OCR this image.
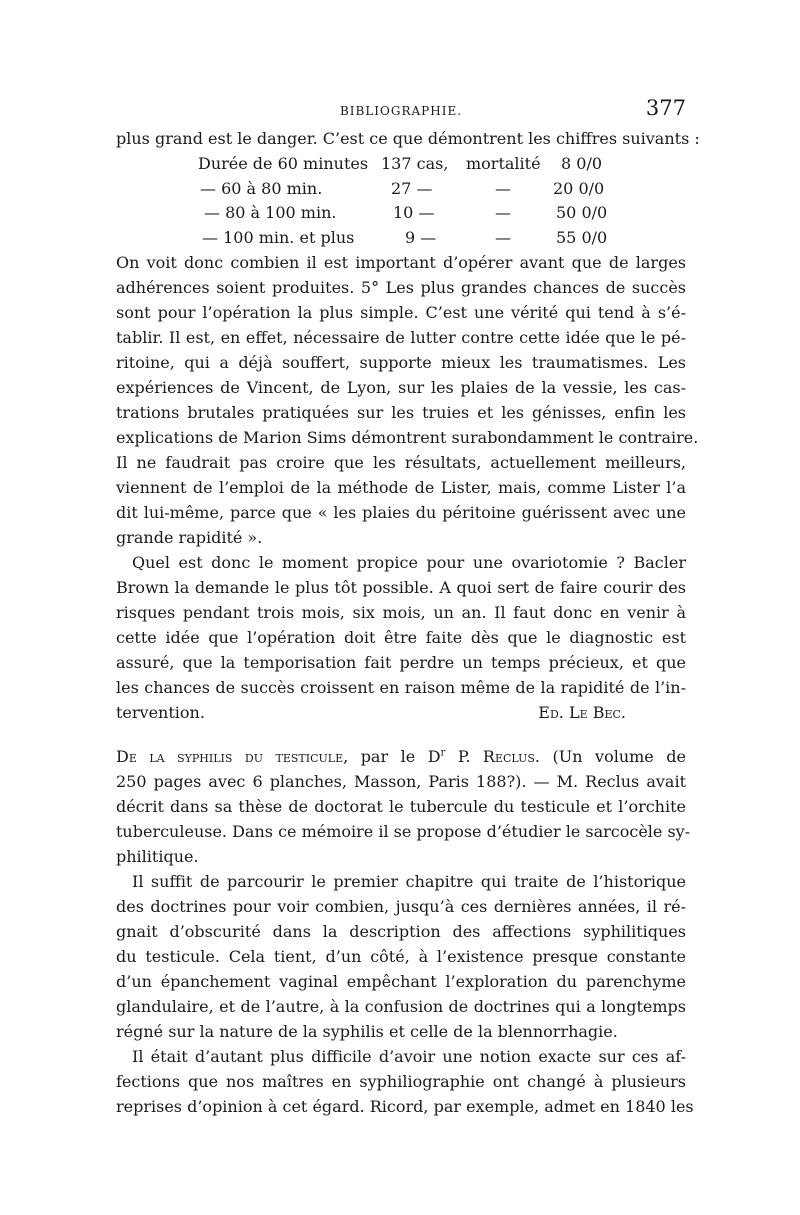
BIBLIOGRAPHIE.	377
plus grand est le danger. C’est ce que démontrent les chiffres suivants :
Durée de 60 minutes 137 cas, mortalité 8 0/0
— 60 à 80 min.	27 —	—	20 0/0
— 80 à 100 min.	10 —	—	50 0/0
— 100 min. et plus	9 —	—	55 0/0
On voit donc combien il est important d’opérer avant que de larges
adhérences soient produites. 5° Les plus grandes chances de succès
sont pour l’opération la plus simple. C’est une vérité qui tend à s’é-
tablir. Il est, en effet, nécessaire de lutter contre cette idée que le pé-
ritoine, qui a déjà souffert, supporte mieux les traumatismes. Les
expériences de Vincent, de Lyon, sur les plaies de la vessie, les cas-
trations brutales pratiquées sur les truies et les génisses, enfin les
explications de Marion Sims démontrent surabondamment le contraire.
Il ne faudrait pas croire que les résultats, actuellement meilleurs,
viennent de l’emploi de la méthode de Lister, mais, comme Lister l’a
dit lui-même, parce que « les plaies du péritoine guérissent avec une
grande rapidité ».
Quel est donc le moment propice pour une ovariotomie ? Bacler
Brown la demande le plus tôt possible. A quoi sert de faire courir des
risques pendant trois mois, six mois, un an. Il faut donc en venir à
cette idée que l’opération doit être faite dès que le diagnostic est
assuré, que la temporisation fait perdre un temps précieux, et que
les chances de succès croissent en raison même de la rapidité de l’in-
tervention.	Ed. Le Bec.
De la syphilis du testicule, par le $D^r$ P. Reclus. (Un volume de
250 pages avec 6 planches, Masson, Paris 188?). — M. Reclus avait
décrit dans sa thèse de doctorat le tubercule du testicule et l’orchite
tuberculeuse. Dans ce mémoire il se propose d’étudier le sarcocèle sy-
philitique.
Il suffit de parcourir le premier chapitre qui traite de l’historique
des doctrines pour voir combien, jusqu’à ces dernières années, il ré-
gnait d’obscurité dans la description des affections syphilitiques
du testicule. Cela tient, d’un côté, à l’existence presque constante
d’un épanchement vaginal empêchant l’exploration du parenchyme
glandulaire, et de l’autre, à la confusion de doctrines qui a longtemps
régné sur la nature de la syphilis et celle de la blennorrhagie.
Il était d’autant plus difficile d’avoir une notion exacte sur ces af-
fections que nos maîtres en syphiliographie ont changé à plusieurs
reprises d’opinion à cet égard. Ricord, par exemple, admet en 1840 les
